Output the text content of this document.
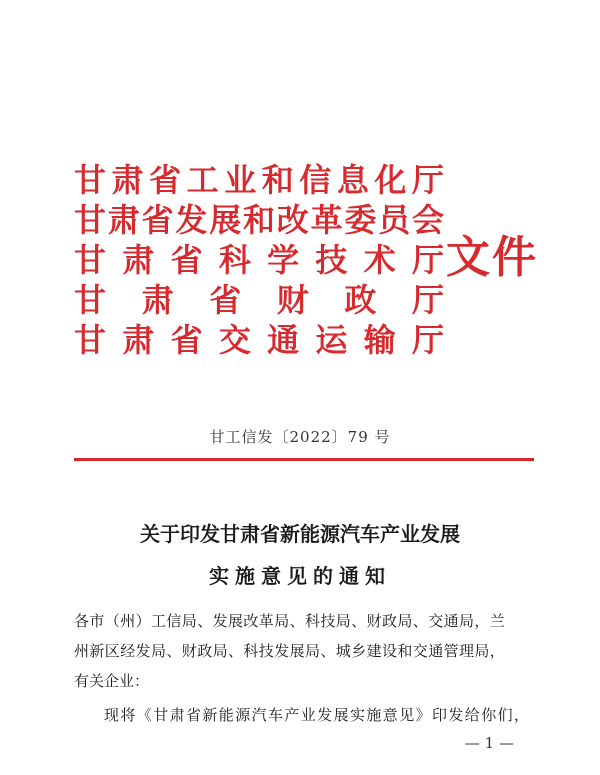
甘 肃 省 工 业 和 信 息 化 厅
甘 肃 省 发 展 和 改 革 委 员 会
甘 肃 省 科 学 技 术 厅
甘 肃 省 财 政 厅
甘 肃 省 交 通 运 输 厅
文件
甘工信发〔2022〕79 号
关于印发甘肃省新能源汽车产业发展
实施意见的通知
各市（州）工信局、发展改革局、科技局、财政局、交通局，兰
州新区经发局、财政局、科技发展局、城乡建设和交通管理局，
有关企业：
现将《甘肃省新能源汽车产业发展实施意见》印发给你们，
— 1 —
